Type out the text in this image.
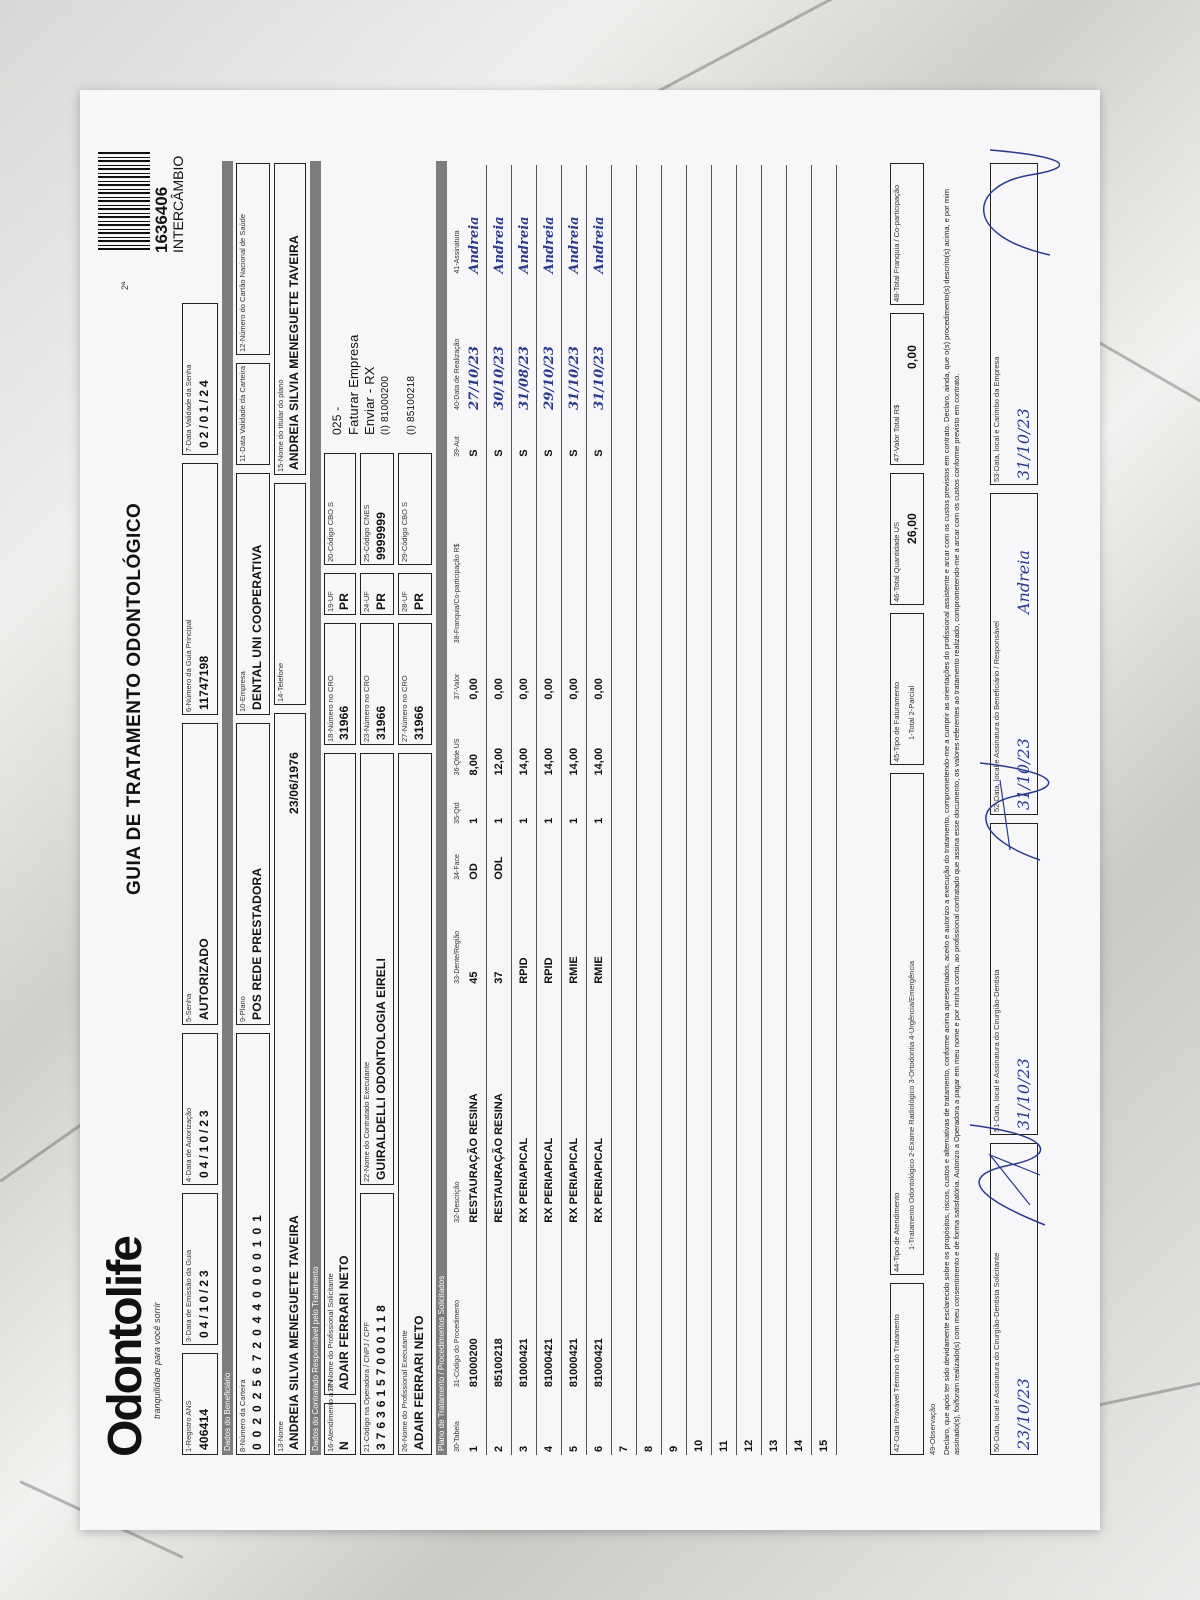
Odontolife tranquilidade para você sorrir
GUIA DE TRATAMENTO ODONTOLÓGICO
2ª
1636406 INTERCÂMBIO
1-Registro ANS 406414
3-Data de Emissão da Guia 04/10/23
4-Data de Autorização 04/10/23
5-Senha AUTORIZADO
6-Número da Guia Principal 11747198
7-Data Validade da Senha 02/01/24
Dados do Beneficiário 8-Número da Carteira 0020256720440000101
9-Plano POS REDE PRESTADORA
10-Empresa DENTAL UNI COOPERATIVA
11-Data Validade da Carteira
12-Número do Cartão Nacional de Saúde
13-Nome ANDREIA SILVIA MENEGUETE TAVEIRA
23/06/1976
14-Telefone
15-Nome do titular do plano ANDREIA SILVIA MENEGUETE TAVEIRA
Dados do Contratado Responsável pelo Tratamento 16-Atendimento a RN N
17-Nome do Profissional Solicitante ADAIR FERRARI NETO
18-Número no CRO 31966
19-UF PR
20-Código CBO S
21-Código na Operadora / CNPJ / CPF 37636157000118
22-Nome do Contratado Executante GUIRALDELLI ODONTOLOGIA EIRELI
23-Número no CRO 31966
24-UF PR
25-Código CNES 9999999
26-Nome do Profissional Executante ADAIR FERRARI NETO
27-Número no CRO 31966
28-UF PR
29-Código CBO S
025 - Faturar Empresa Enviar - RX (I) 81000200 (I) 85100218
Plano de Tratamento / Procedimentos Solicitados 30-Tabela	31-Código do Procedimento	32-Descrição	33-Dente/Região	34-Face	35-Qtd	36-Qtde US	37-Valor	38-Franquia/Co-participação R$	39-Aut	40-Data de Realização	41-Assinatura
1	81000200	RESTAURAÇÃO RESINA	45	OD	1	8,00	0,00		S	27/10/23	Andreia
2	85100218	RESTAURAÇÃO RESINA	37	ODL	1	12,00	0,00		S	30/10/23	Andreia
3	81000421	RX PERIAPICAL	RPID		1	14,00	0,00		S	31/08/23	Andreia
4	81000421	RX PERIAPICAL	RPID		1	14,00	0,00		S	29/10/23	Andreia
5	81000421	RX PERIAPICAL	RMIE		1	14,00	0,00		S	31/10/23	Andreia
6	81000421	RX PERIAPICAL	RMIE		1	14,00	0,00		S	31/10/23	Andreia
7											
8											
9											
10											
11											
12											
13											
14											
15												42-Data Provável Término do Tratamento
44-Tipo de Atendimento 1-Tratamento Odontológico 2-Exame Radiológico 3-Ortodontia 4-Urgência/Emergência
45-Tipo de Faturamento 1-Total 2-Parcial
46-Total Quantidade US 26,00
47-Valor Total R$
0,00
48-Total Franquia / Co-participação
49-Observação Declaro, que após ter sido devidamente esclarecido sobre os propósitos, riscos, custos e alternativas de tratamento, conforme acima apresentados, aceito e autorizo a execução do tratamento, comprometendo-me a cumprir as orientações do profissional assistente e arcar com os custos previstos em contrato. Declaro, ainda, que o(s) procedimento(s) descrito(s) acima, e por mim assinado(s), foi/foram realizado(s) com meu consentimento e de forma satisfatória. Autorizo a Operadora a pagar em meu nome e por minha conta, ao profissional contratado que assina esse documento, os valores referentes ao tratamento realizado, comprometendo-me a arcar com os custos conforme previsto em contrato.	50-Data, local e Assinatura do Cirurgião-Dentista Solicitante 23/10/23
51-Data, local e Assinatura do Cirurgião-Dentista 31/10/23
52-Data, local e Assinatura do Beneficiário / Responsável 31/10/23
Andreia
53-Data, local e Carimbo da Empresa 31/10/23
